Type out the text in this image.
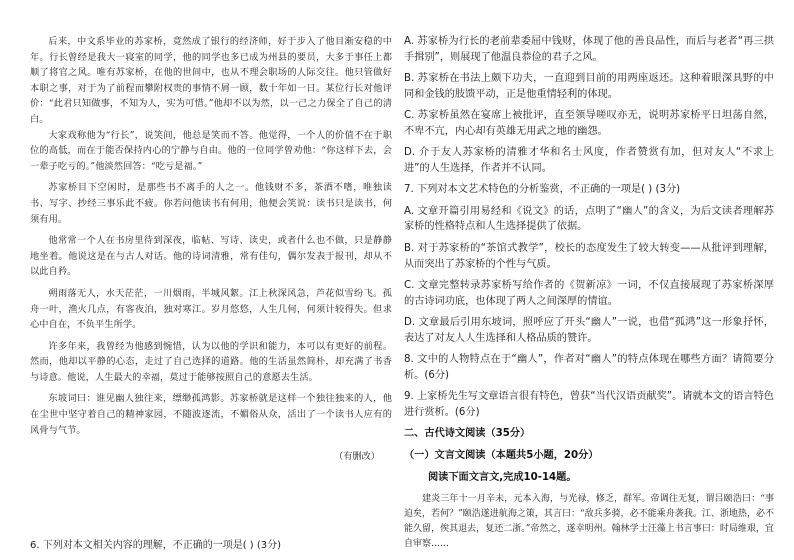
后来，中文系毕业的苏家桥，竟然成了银行的经济师，好于步入了他目渐安稳的中年。行长曾经是我大一寝室的同学，他的同学也多已成为州县的要员，大多于事任上都顺了将官之风。唯有苏家桥，在他的世间中，也从不理会职场的人际交往。他只管做好本职之事，对于为了前程而攀附权贵的事情不屑一顾，数十年如一日。某位行长对他评价：“此君只知做事，不知为人，实为可惜。”他却不以为然，以一己之力保全了自己的清白。

大家戏称他为“行长”，说笑间，他总是笑而不答。他觉得，一个人的价值不在于职位的高低，而在于能否保持内心的宁静与自由。他的一位同学曾劝他：“你这样下去，会一辈子吃亏的。”他淡然回答：“吃亏是福。”

苏家桥目下空闲时，是那些书不离手的人之一。他钱财不多，茶酒不嗜，唯独读书、写字、抄经三事乐此不疲。你若问他读书有何用，他便会笑说：读书只是读书，何须有用。

他常常一个人在书房里待到深夜，临帖、写诗、读史，或者什么也不做，只是静静地坐着。他说这是在与古人对话。他的诗词清雅，常有佳句，偶尔发表于报刊，却从不以此自矜。

朔雨落无人，水天茫茫，一川烟雨，半城风絮。江上秋深风急，芦花似雪纷飞。孤舟一叶，渔火几点，有客夜泊，独对寒江。岁月悠悠，人生几何，何须计较得失。但求心中自在，不负平生所学。

许多年来，我曾经为他感到惋惜，认为以他的学识和能力，本可以有更好的前程。然而，他却以平静的心态，走过了自己选择的道路。他的生活虽然简朴，却充满了书香与诗意。他说，人生最大的幸福，莫过于能够按照自己的意愿去生活。

东坡词曰：谁见幽人独往来，缥缈孤鸿影。苏家桥就是这样一个独往独来的人，他在尘世中坚守着自己的精神家园，不随波逐流，不媚俗从众，活出了一个读书人应有的风骨与气节。

（有删改）

6. 下列对本文相关内容的理解，不正确的一项是( ) (3分)

A. 苏家桥为行长的老前辈委屈中钱财，体现了他的善良品性，而后与老者“再三拱手揖别”，则展现了他温良恭俭的君子之风。

B. 苏家桥在书法上颇下功夫，一直迎到目前的用两座返还。这种着眼深具野的中同和金钱的肢馈平动，正是他重情轻利的体现。

C. 苏家桥虽然在宴席上被批评，直至领导嗟叹亦无，说明苏家桥平日坦荡自然，不卑不亢，内心却有英雄无用武之地的幽怨。

D. 介于友人苏家桥的清雅才华和名士风度，作者赞赏有加，但对友人“不求上进”的人生选择，作者并不认同。

7. 下列对本文艺术特色的分析鉴赏，不正确的一项是( ) (3分)

A. 文章开篇引用易经和《说文》的话，点明了“幽人”的含义，为后文读者理解苏家桥的性格特点和人生选择提供了依据。

B. 对于苏家桥的“茶馆式教学”，校长的态度发生了较大转变——从批评到理解，从而突出了苏家桥的个性与气质。

C. 文章完整转录苏家桥写给作者的《贺新凉》一词，不仅直接展现了苏家桥深厚的古诗词功底，也体现了两人之间深厚的情谊。

D. 文章最后引用东坡词，照呼应了开头“幽人”一说，也借“孤鸿”这一形象抒怀，表达了对友人人生选择和人格品质的赞许。

8. 文中的人物特点在于“幽人”，作者对“幽人”的特点体现在哪些方面？请简要分析。(6分)

9. 上家桥先生写文章语言很有特色，曾获“当代汉语贡献奖”。请就本文的语言特色进行赏析。(6分)

二、古代诗文阅读（35分）

（一）文言文阅读（本题共5小题，20分）

阅读下面文言文,完成10-14题。

建炎三年十一月辛未，元本入海，与光禄，修乏，群军。帝调往无复，谓吕颐浩曰：“事迫矣，若何？”颐浩遂进航海之策，其言曰：“敌兵多骑，必不能乘舟袭我。江、浙地热，必不能久留，俟其退去，复还二浙。”帝然之，遂幸明州。翰林学士汪藻上书言事曰：时局维艰，宜自审察……
